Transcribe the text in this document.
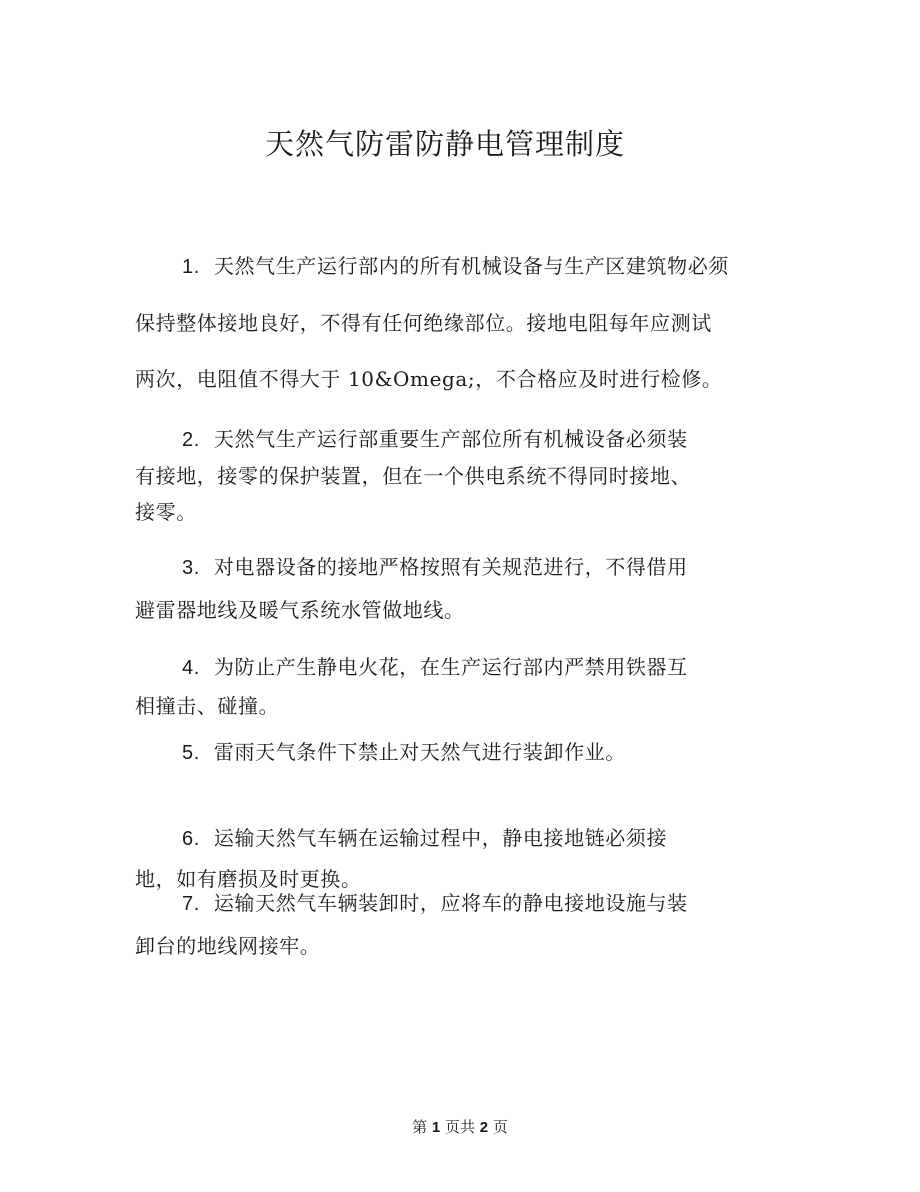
天然气防雷防静电管理制度
1. 天然气生产运行部内的所有机械设备与生产区建筑物必须
保持整体接地良好，不得有任何绝缘部位。接地电阻每年应测试
两次，电阻值不得大于 10&Omega;，不合格应及时进行检修。
2. 天然气生产运行部重要生产部位所有机械设备必须装
有接地，接零的保护装置，但在一个供电系统不得同时接地、
接零。
3. 对电器设备的接地严格按照有关规范进行，不得借用
避雷器地线及暖气系统水管做地线。
4. 为防止产生静电火花，在生产运行部内严禁用铁器互
相撞击、碰撞。
5. 雷雨天气条件下禁止对天然气进行装卸作业。
6. 运输天然气车辆在运输过程中，静电接地链必须接
地，如有磨损及时更换。
7. 运输天然气车辆装卸时，应将车的静电接地设施与装
卸台的地线网接牢。
第 1 页共 2 页
